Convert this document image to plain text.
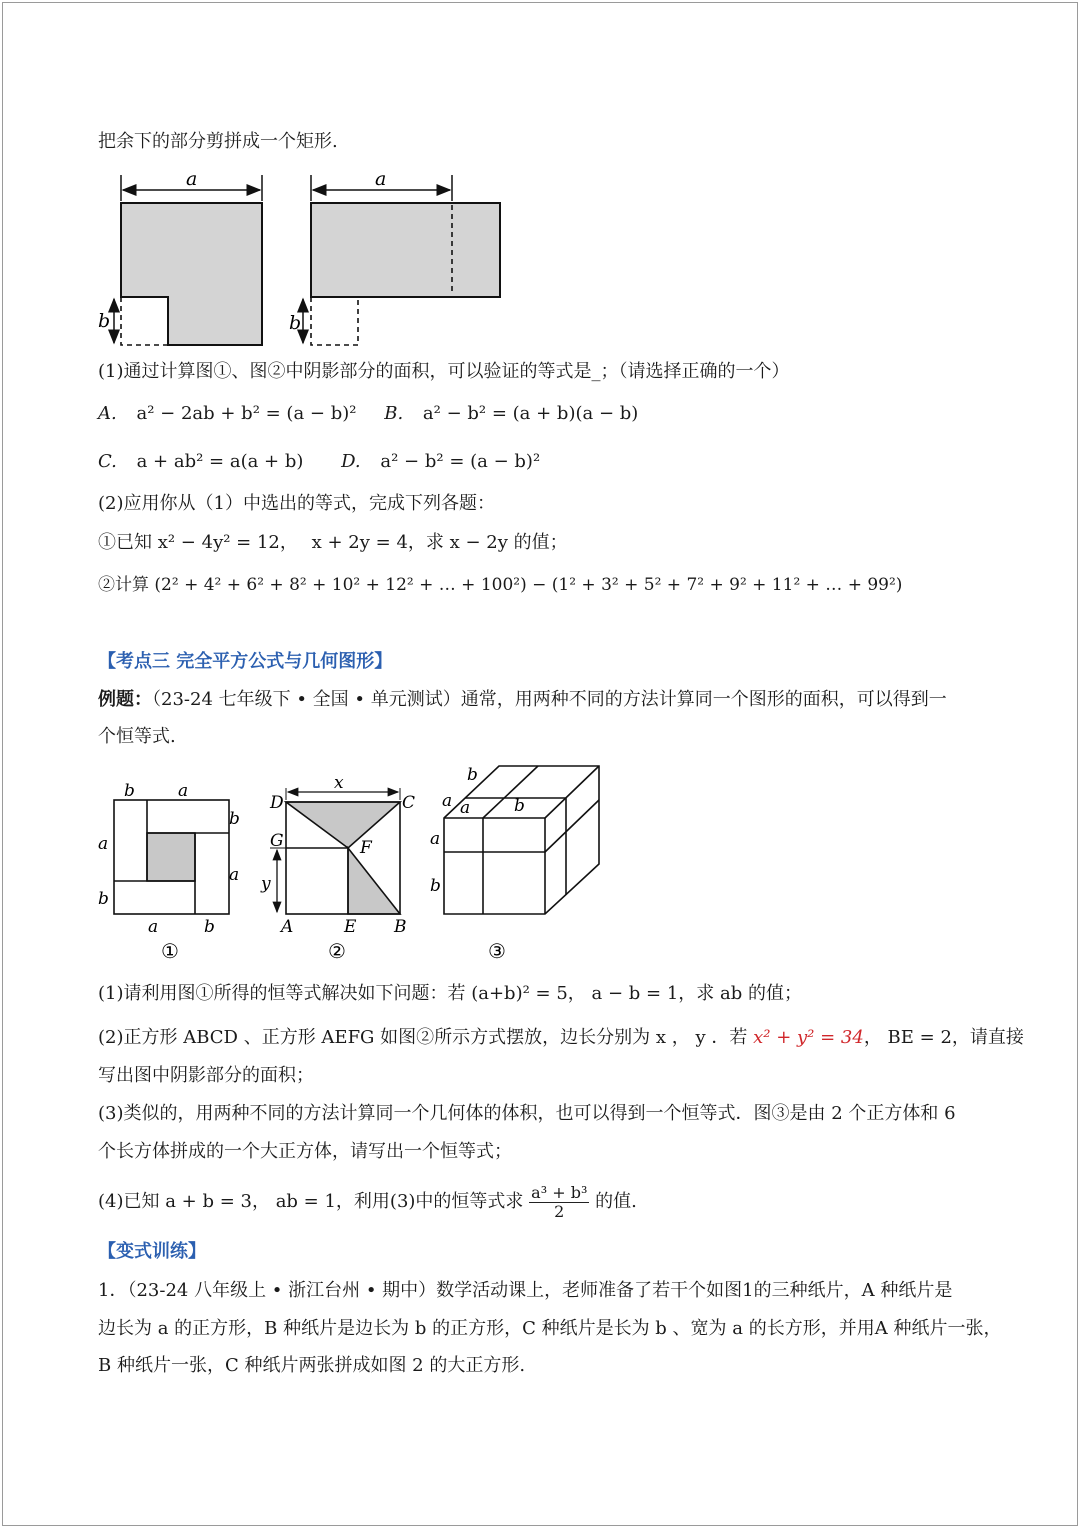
把余下的部分剪拼成一个矩形.
a
b
a
b
(1)通过计算图①、图②中阴影部分的面积，可以验证的等式是_；（请选择正确的一个）
A. a² − 2ab + b² = (a − b)² B. a² − b² = (a + b)(a − b)
C. a + ab² = a(a + b) D. a² − b² = (a − b)²
(2)应用你从（1）中选出的等式，完成下列各题：
①已知 x² − 4y² = 12， x + 2y = 4，求 x − 2y 的值；
②计算 (2² + 4² + 6² + 8² + 10² + 12² + … + 100²) − (1² + 3² + 5² + 7² + 9² + 11² + … + 99²)
【考点三 完全平方公式与几何图形】
例题：（23-24 七年级下 • 全国 • 单元测试）通常，用两种不同的方法计算同一个图形的面积，可以得到一
个恒等式.
b	a
b
a
a
b
a	b
①
x
y
D	C
G	F
A	E B
②
b
a a	b
a
b
③
(1)请利用图①所得的恒等式解决如下问题：若 (a+b)² = 5， a − b = 1，求 ab 的值；
(2)正方形 ABCD 、正方形 AEFG 如图②所示方式摆放，边长分别为 x ， y ．若 x² + y² = 34， BE = 2，请直接
写出图中阴影部分的面积；
(3)类似的，用两种不同的方法计算同一个几何体的体积，也可以得到一个恒等式．图③是由 2 个正方体和 6
个长方体拼成的一个大正方体，请写出一个恒等式；
(4)已知 a + b = 3， ab = 1，利用(3)中的恒等式求 $\frac{\text{a³ + b³}}{2}$ 的值.
【变式训练】
1．（23-24 八年级上 • 浙江台州 • 期中）数学活动课上，老师准备了若干个如图1的三种纸片，A 种纸片是
边长为 a 的正方形，B 种纸片是边长为 b 的正方形，C 种纸片是长为 b 、宽为 a 的长方形，并用A 种纸片一张，
B 种纸片一张，C 种纸片两张拼成如图 2 的大正方形.
